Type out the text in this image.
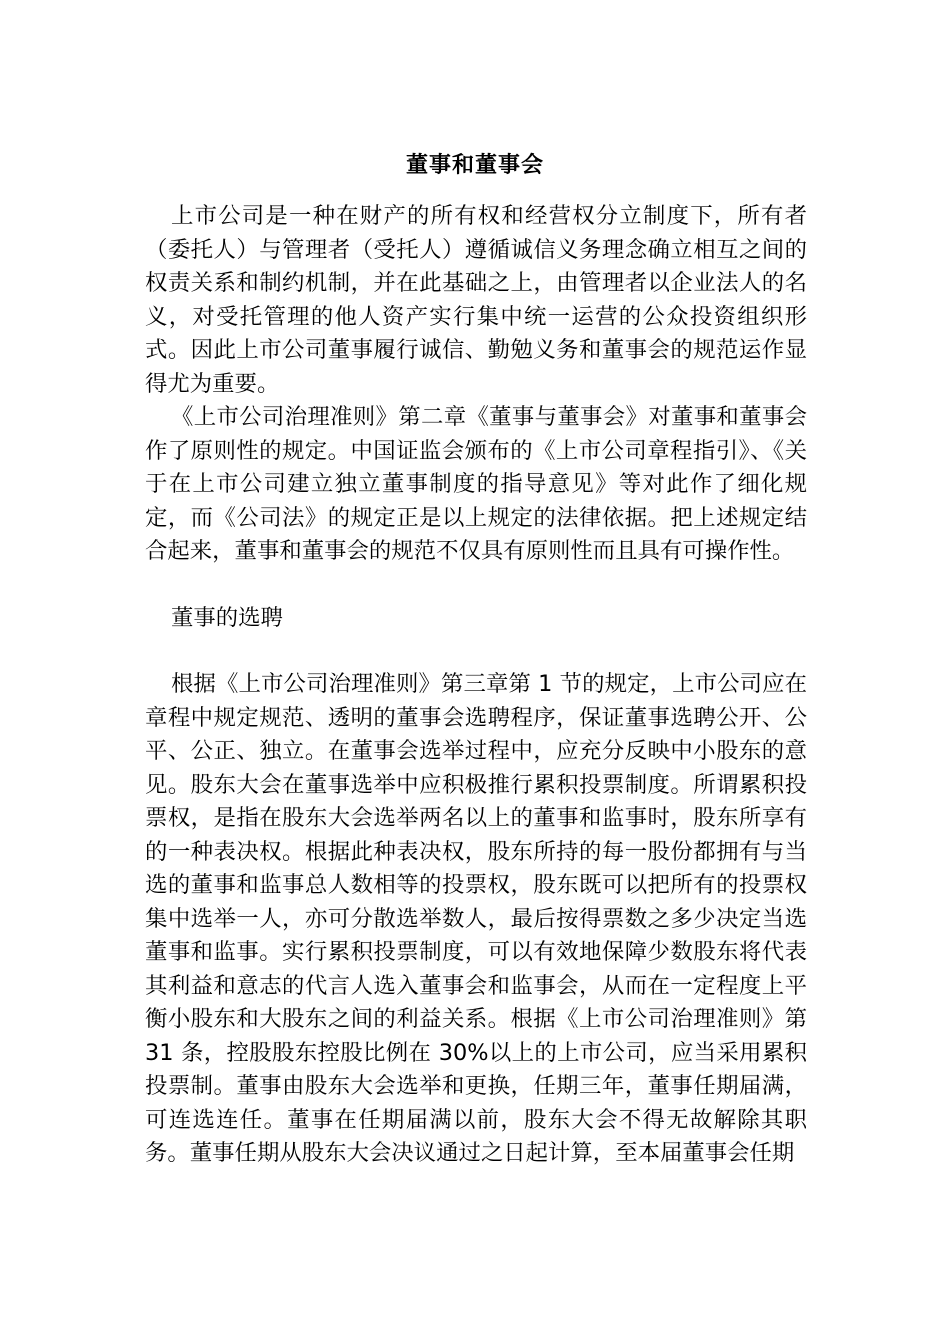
董事和董事会

上市公司是一种在财产的所有权和经营权分立制度下，所有者（委托人）与管理者（受托人）遵循诚信义务理念确立相互之间的权责关系和制约机制，并在此基础之上，由管理者以企业法人的名义，对受托管理的他人资产实行集中统一运营的公众投资组织形式。因此上市公司董事履行诚信、勤勉义务和董事会的规范运作显得尤为重要。

《上市公司治理准则》第二章《董事与董事会》对董事和董事会作了原则性的规定。中国证监会颁布的《上市公司章程指引》、《关于在上市公司建立独立董事制度的指导意见》等对此作了细化规定，而《公司法》的规定正是以上规定的法律依据。把上述规定结合起来，董事和董事会的规范不仅具有原则性而且具有可操作性。

董事的选聘

根据《上市公司治理准则》第三章第 1 节的规定，上市公司应在章程中规定规范、透明的董事会选聘程序，保证董事选聘公开、公平、公正、独立。在董事会选举过程中，应充分反映中小股东的意见。股东大会在董事选举中应积极推行累积投票制度。所谓累积投票权，是指在股东大会选举两名以上的董事和监事时，股东所享有的一种表决权。根据此种表决权，股东所持的每一股份都拥有与当选的董事和监事总人数相等的投票权，股东既可以把所有的投票权集中选举一人，亦可分散选举数人，最后按得票数之多少决定当选董事和监事。实行累积投票制度，可以有效地保障少数股东将代表其利益和意志的代言人选入董事会和监事会，从而在一定程度上平衡小股东和大股东之间的利益关系。根据《上市公司治理准则》第 31 条，控股股东控股比例在 30%以上的上市公司，应当采用累积投票制。董事由股东大会选举和更换，任期三年，董事任期届满，可连选连任。董事在任期届满以前，股东大会不得无故解除其职务。董事任期从股东大会决议通过之日起计算，至本届董事会任期
